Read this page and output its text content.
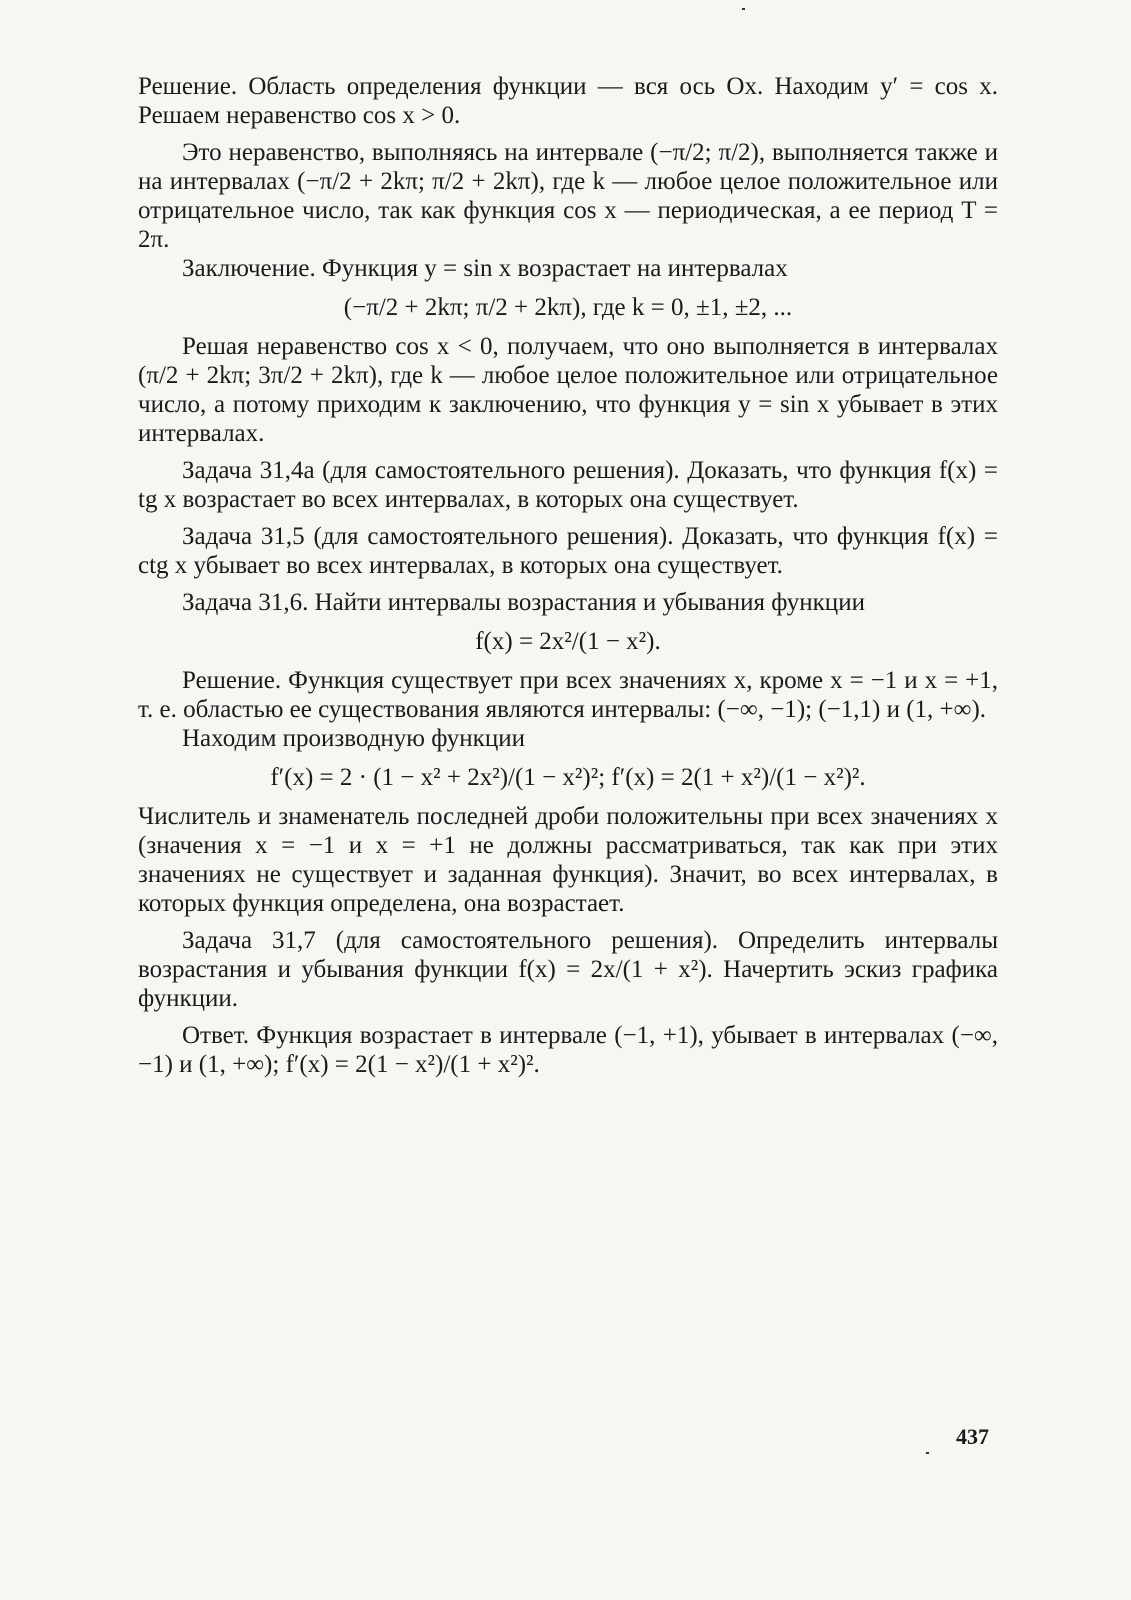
Решение. Область определения функции — вся ось Ox. Находим y′ = cos x. Решаем неравенство cos x > 0.

Это неравенство, выполняясь на интервале (−π/2; π/2), выполняется также и на интервалах (−π/2 + 2kπ; π/2 + 2kπ), где k — любое целое положительное или отрицательное число, так как функция cos x — периодическая, а ее период T = 2π.

Заключение. Функция y = sin x возрастает на интервалах

(−π/2 + 2kπ; π/2 + 2kπ), где k = 0, ±1, ±2, ...

Решая неравенство cos x < 0, получаем, что оно выполняется в интервалах (π/2 + 2kπ; 3π/2 + 2kπ), где k — любое целое положительное или отрицательное число, а потому приходим к заключению, что функция y = sin x убывает в этих интервалах.

Задача 31,4a (для самостоятельного решения). Доказать, что функция f(x) = tg x возрастает во всех интервалах, в которых она существует.

Задача 31,5 (для самостоятельного решения). Доказать, что функция f(x) = ctg x убывает во всех интервалах, в которых она существует.

Задача 31,6. Найти интервалы возрастания и убывания функции

f(x) = 2x²/(1 − x²).

Решение. Функция существует при всех значениях x, кроме x = −1 и x = +1, т. е. областью ее существования являются интервалы: (−∞, −1); (−1,1) и (1, +∞).

Находим производную функции

f′(x) = 2 · (1 − x² + 2x²)/(1 − x²)²; f′(x) = 2(1 + x²)/(1 − x²)².

Числитель и знаменатель последней дроби положительны при всех значениях x (значения x = −1 и x = +1 не должны рассматриваться, так как при этих значениях не существует и заданная функция). Значит, во всех интервалах, в которых функция определена, она возрастает.

Задача 31,7 (для самостоятельного решения). Определить интервалы возрастания и убывания функции f(x) = 2x/(1 + x²). Начертить эскиз графика функции.

Ответ. Функция возрастает в интервале (−1, +1), убывает в интервалах (−∞, −1) и (1, +∞); f′(x) = 2(1 − x²)/(1 + x²)².

437
